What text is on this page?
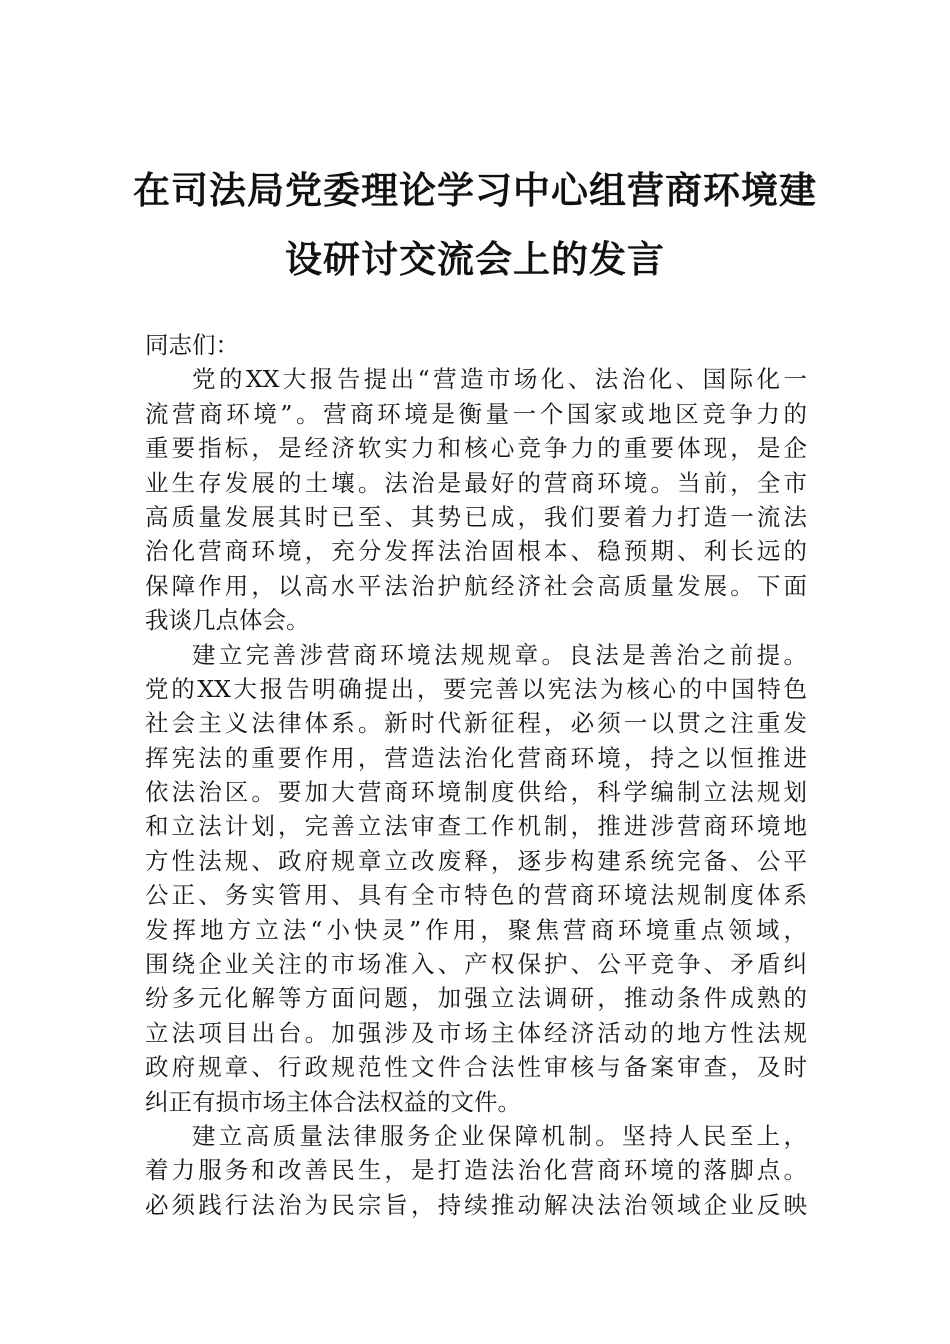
在司法局党委理论学习中心组营商环境建
设研讨交流会上的发言
同志们：
党的XX大报告提出“营造市场化、法治化、国际化一
流营商环境”。营商环境是衡量一个国家或地区竞争力的
重要指标，是经济软实力和核心竞争力的重要体现，是企
业生存发展的土壤。法治是最好的营商环境。当前，全市
高质量发展其时已至、其势已成，我们要着力打造一流法
治化营商环境，充分发挥法治固根本、稳预期、利长远的
保障作用，以高水平法治护航经济社会高质量发展。下面
我谈几点体会。
建立完善涉营商环境法规规章。良法是善治之前提。
党的XX大报告明确提出，要完善以宪法为核心的中国特色
社会主义法律体系。新时代新征程，必须一以贯之注重发
挥宪法的重要作用，营造法治化营商环境，持之以恒推进
依法治区。要加大营商环境制度供给，科学编制立法规划
和立法计划，完善立法审查工作机制，推进涉营商环境地
方性法规、政府规章立改废释，逐步构建系统完备、公平
公正、务实管用、具有全市特色的营商环境法规制度体系
发挥地方立法“小快灵”作用，聚焦营商环境重点领域，
围绕企业关注的市场准入、产权保护、公平竞争、矛盾纠
纷多元化解等方面问题，加强立法调研，推动条件成熟的
立法项目出台。加强涉及市场主体经济活动的地方性法规
政府规章、行政规范性文件合法性审核与备案审查，及时
纠正有损市场主体合法权益的文件。
建立高质量法律服务企业保障机制。坚持人民至上，
着力服务和改善民生，是打造法治化营商环境的落脚点。
必须践行法治为民宗旨，持续推动解决法治领域企业反映
